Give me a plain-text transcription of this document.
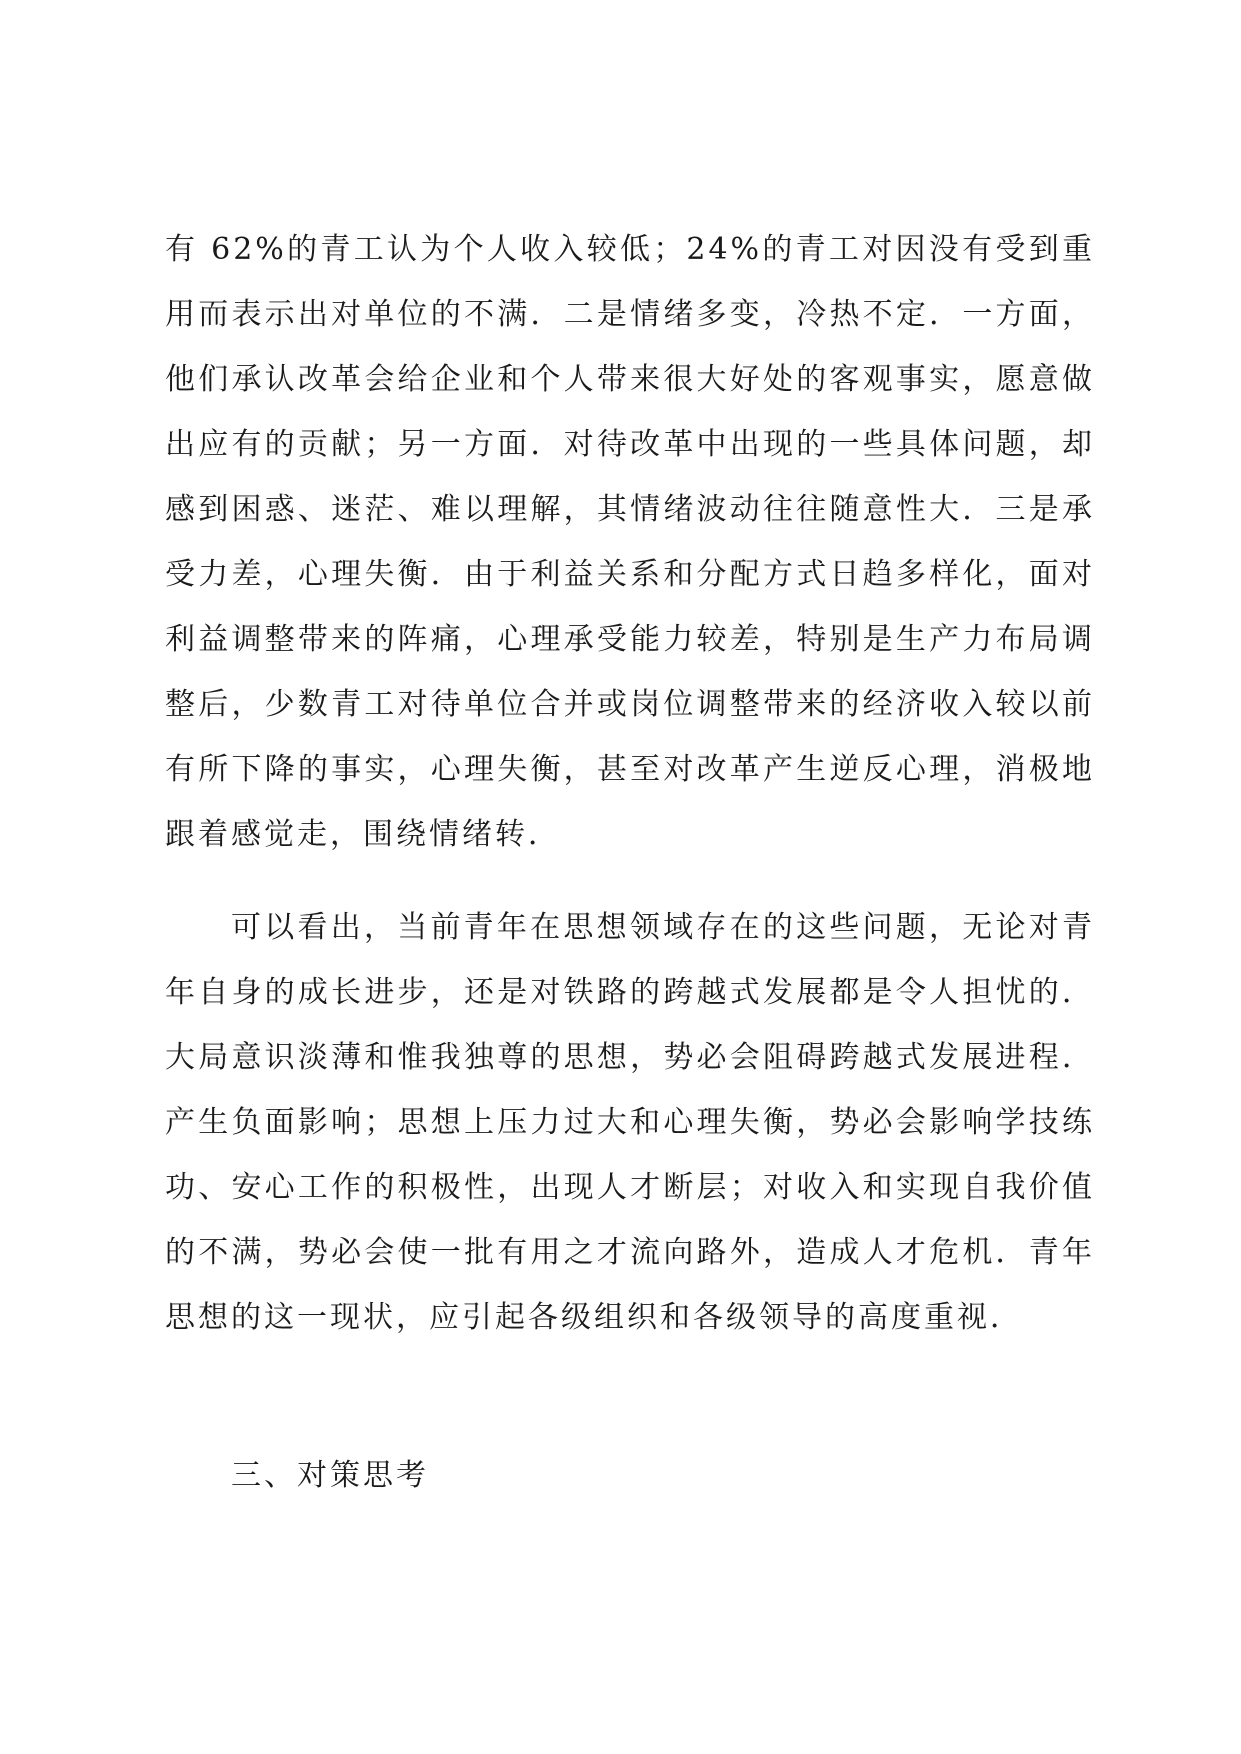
有 62%的青工认为个人收入较低；24%的青工对因没有受到重
用而表示出对单位的不满．二是情绪多变，冷热不定．一方面，
他们承认改革会给企业和个人带来很大好处的客观事实，愿意做
出应有的贡献；另一方面．对待改革中出现的一些具体问题，却
感到困惑、迷茫、难以理解，其情绪波动往往随意性大．三是承
受力差，心理失衡．由于利益关系和分配方式日趋多样化，面对
利益调整带来的阵痛，心理承受能力较差，特别是生产力布局调
整后，少数青工对待单位合并或岗位调整带来的经济收入较以前
有所下降的事实，心理失衡，甚至对改革产生逆反心理，消极地
跟着感觉走，围绕情绪转．
可以看出，当前青年在思想领域存在的这些问题，无论对青
年自身的成长进步，还是对铁路的跨越式发展都是令人担忧的．
大局意识淡薄和惟我独尊的思想，势必会阻碍跨越式发展进程．
产生负面影响；思想上压力过大和心理失衡，势必会影响学技练
功、安心工作的积极性，出现人才断层；对收入和实现自我价值
的不满，势必会使一批有用之才流向路外，造成人才危机．青年
思想的这一现状，应引起各级组织和各级领导的高度重视．
三、对策思考
